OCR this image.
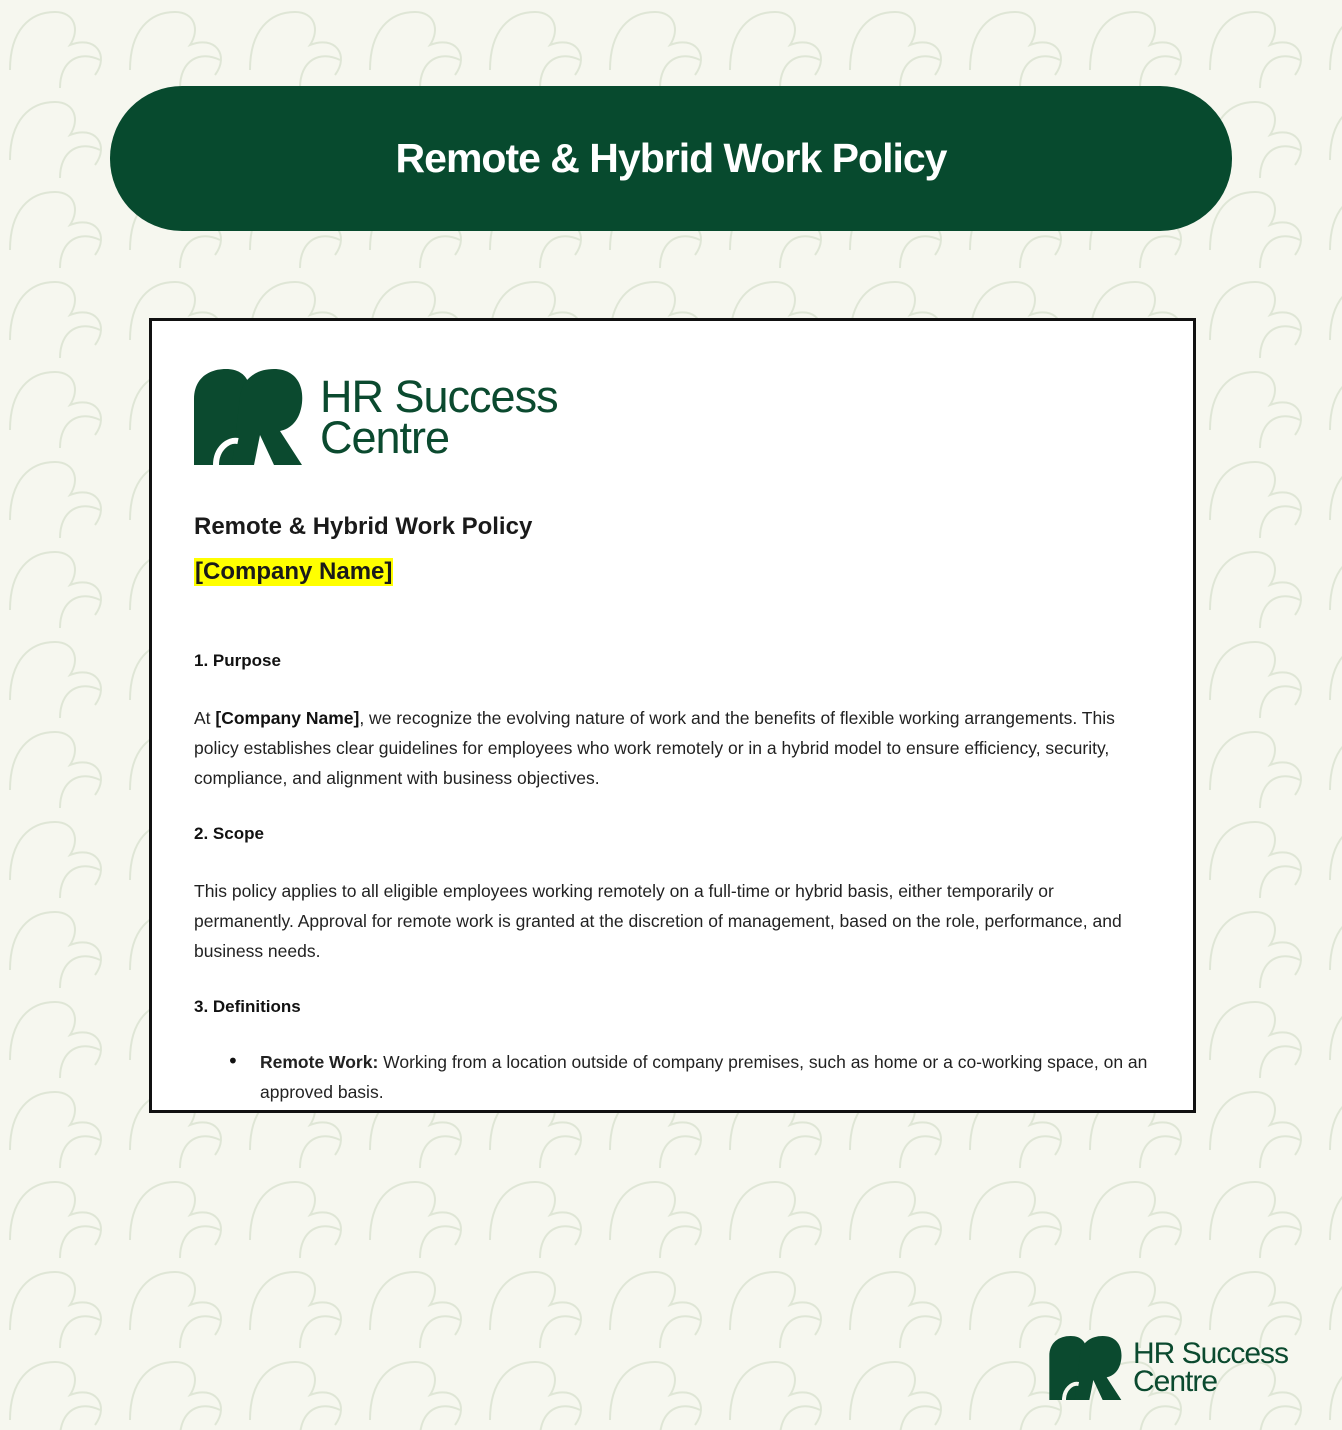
Remote & Hybrid Work Policy
HR Success
Centre
Remote & Hybrid Work Policy
[Company Name]
1. Purpose
At [Company Name], we recognize the evolving nature of work and the benefits of flexible working arrangements. This policy establishes clear guidelines for employees who work remotely or in a hybrid model to ensure efficiency, security, compliance, and alignment with business objectives.
2. Scope
This policy applies to all eligible employees working remotely on a full-time or hybrid basis, either temporarily or permanently. Approval for remote work is granted at the discretion of management, based on the role, performance, and business needs.
3. Definitions
• Remote Work: Working from a location outside of company premises, such as home or a co-working space, on an approved basis.
HR Success
Centre
